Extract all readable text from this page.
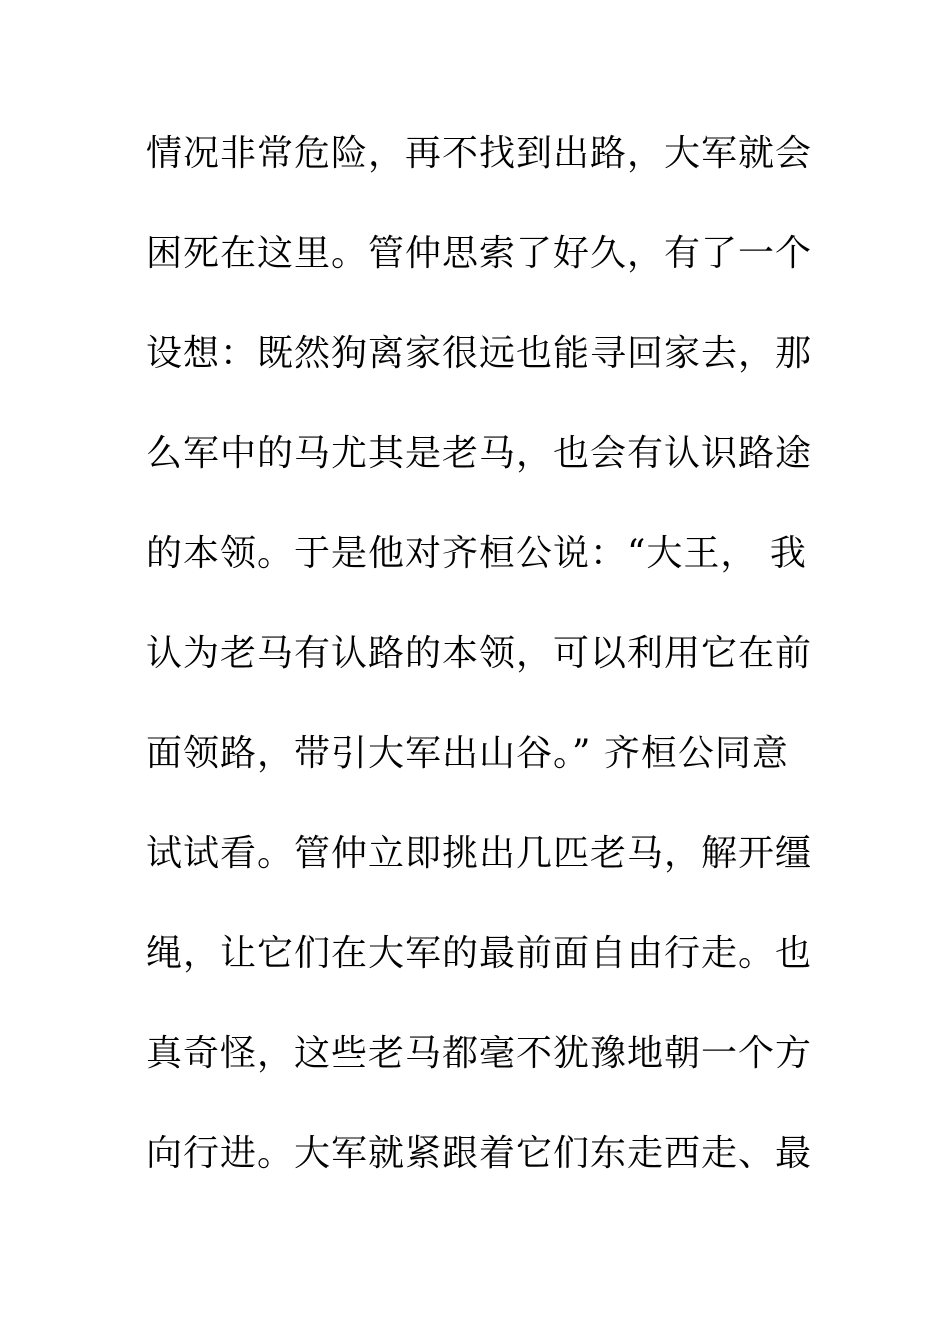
情况非常危险，再不找到出路，大军就会
困死在这里。管仲思索了好久，有了一个
设想：既然狗离家很远也能寻回家去，那
么军中的马尤其是老马，也会有认识路途
的本领。于是他对齐桓公说：“大王， 我
认为老马有认路的本领，可以利用它在前
面领路，带引大军出山谷。” 齐桓公同意
试试看。管仲立即挑出几匹老马，解开缰
绳，让它们在大军的最前面自由行走。也
真奇怪，这些老马都毫不犹豫地朝一个方
向行进。大军就紧跟着它们东走西走、最
